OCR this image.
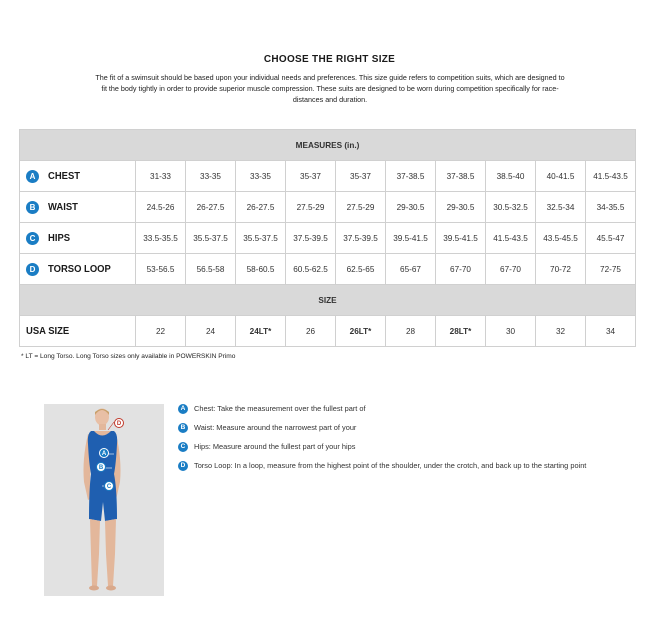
CHOOSE THE RIGHT SIZE
The fit of a swimsuit should be based upon your individual needs and preferences. This size guide refers to competition suits, which are designed to fit the body tightly in order to provide superior muscle compression. These suits are designed to be worn during competition specifically for race-distances and duration.
MEASURES (in.)										
A CHEST	31-33	33-35	33-35	35-37	35-37	37-38.5	37-38.5	38.5-40	40-41.5	41.5-43.5
B WAIST	24.5-26	26-27.5	26-27.5	27.5-29	27.5-29	29-30.5	29-30.5	30.5-32.5	32.5-34	34-35.5
C HIPS	33.5-35.5	35.5-37.5	35.5-37.5	37.5-39.5	37.5-39.5	39.5-41.5	39.5-41.5	41.5-43.5	43.5-45.5	45.5-47
D TORSO LOOP	53-56.5	56.5-58	58-60.5	60.5-62.5	62.5-65	65-67	67-70	67-70	70-72	72-75
SIZE										
USA SIZE	22	24	24LT*	26	26LT*	28	28LT*	30	32	34
* LT = Long Torso. Long Torso sizes only available in POWERSKIN Primo
D
A
B
C
A	Chest: Take the measurement over the fullest part of
B	Waist: Measure around the narrowest part of your
C	Hips: Measure around the fullest part of your hips
D	Torso Loop: In a loop, measure from the highest point of the shoulder, under the crotch, and back up to the starting point
